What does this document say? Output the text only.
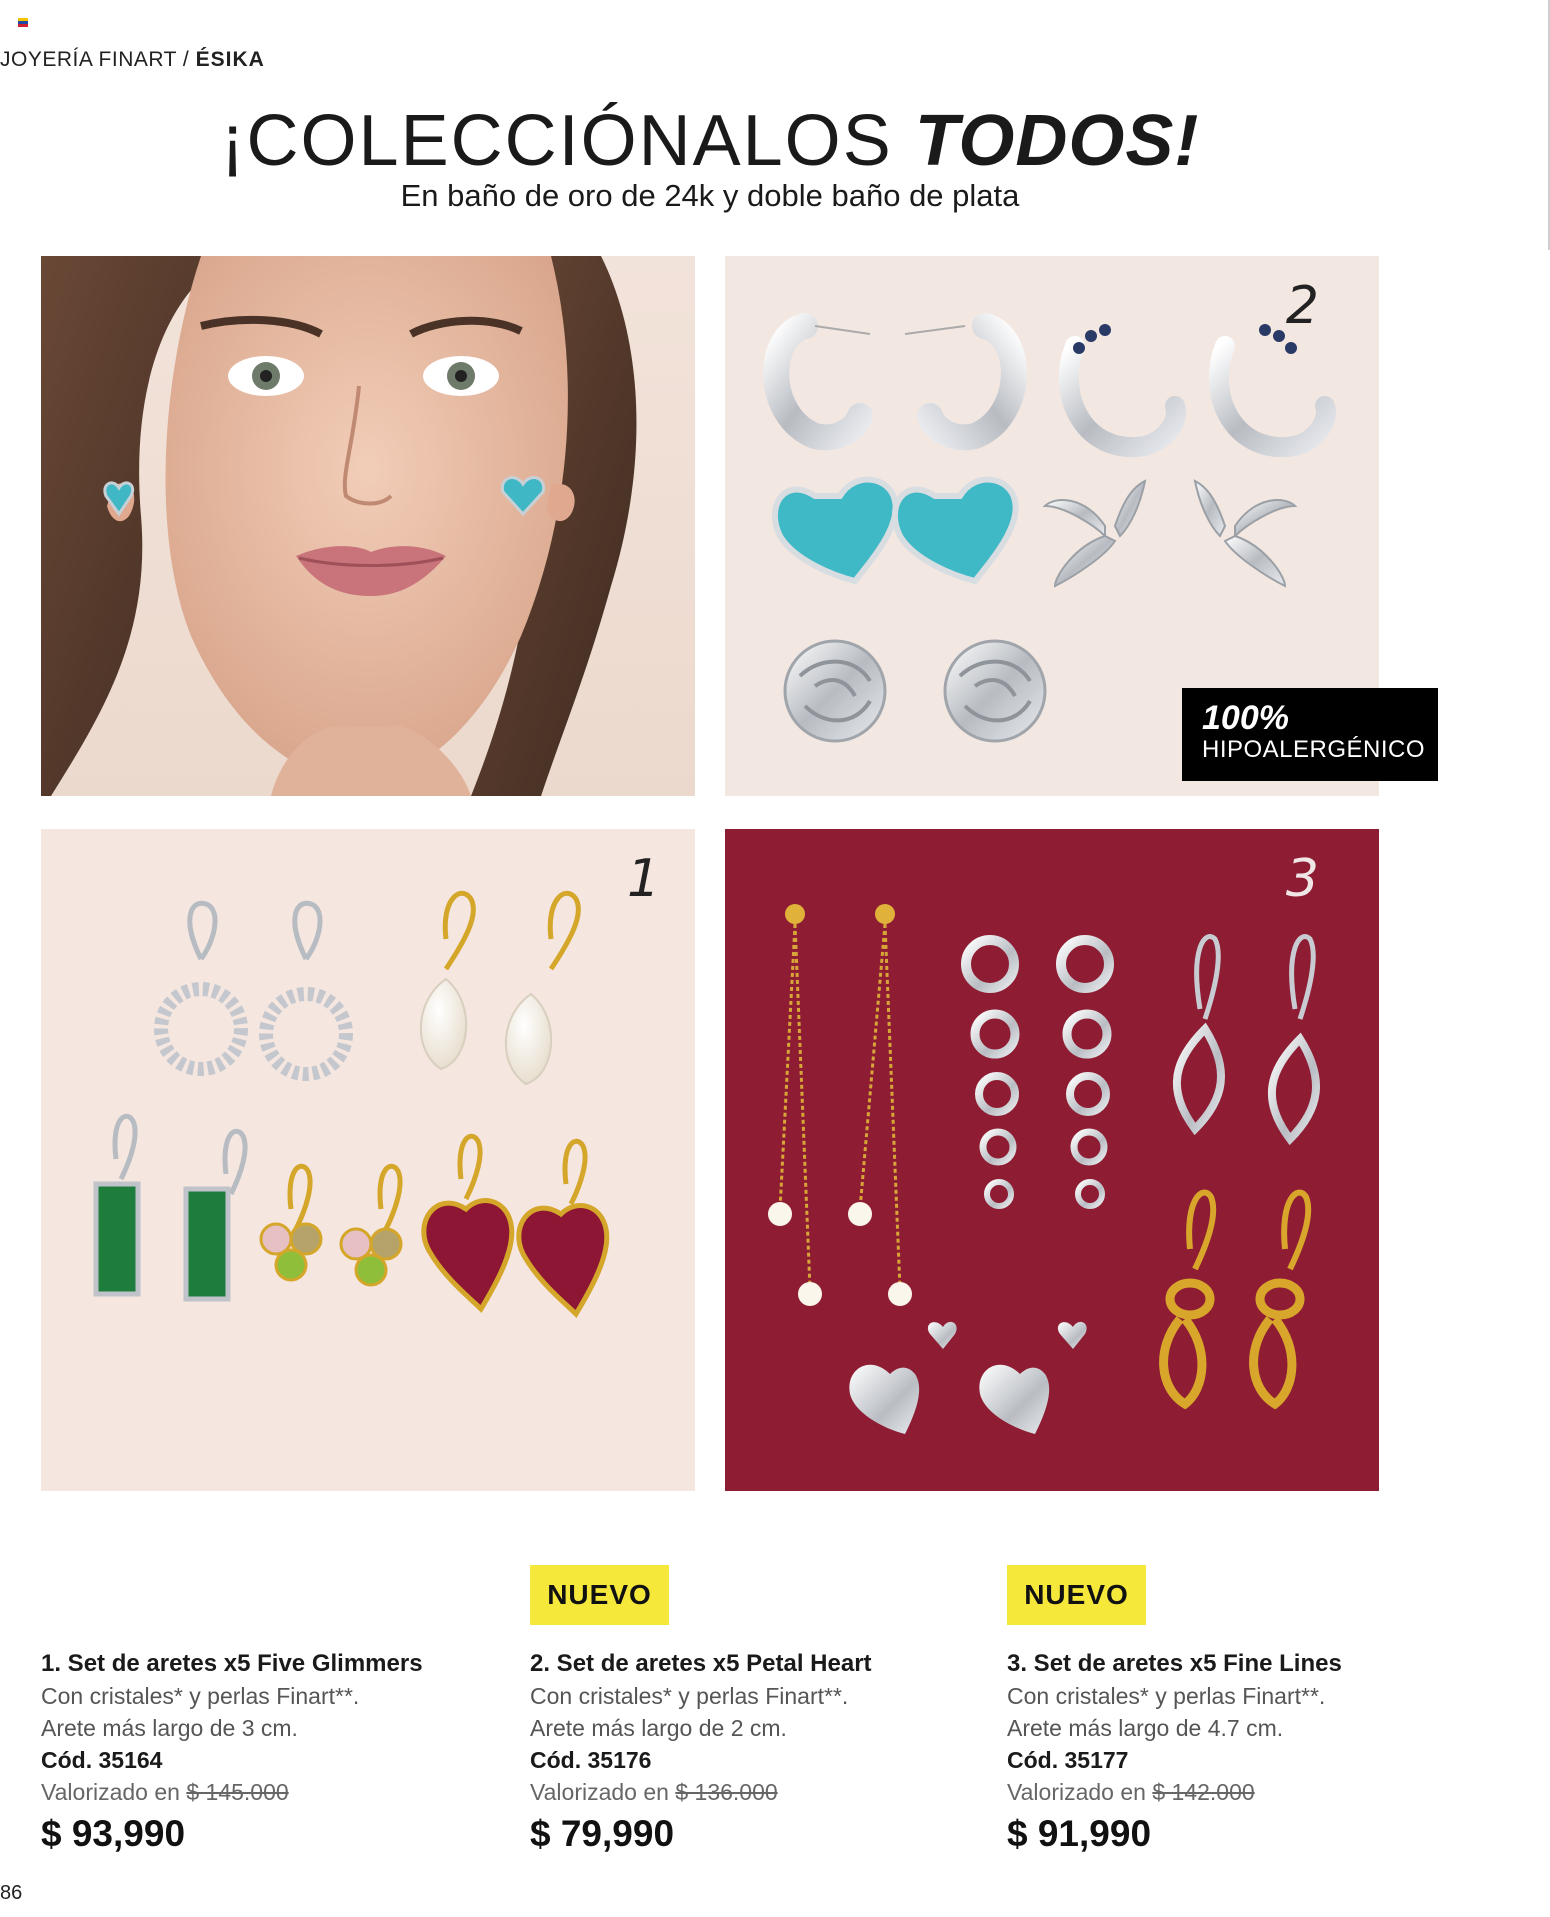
JOYERÍA FINART / ÉSIKA
¡COLECCIÓNALOS TODOS!
En baño de oro de 24k y doble baño de plata
2
100%
HIPOALERGÉNICO
1	3
NUEVO	NUEVO
1. Set de aretes x5 Five Glimmers
Con cristales* y perlas Finart**.
Arete más largo de 3 cm.
Cód. 35164
Valorizado en $ 145.000
$ 93,990
2. Set de aretes x5 Petal Heart
Con cristales* y perlas Finart**.
Arete más largo de 2 cm.
Cód. 35176
Valorizado en $ 136.000
$ 79,990
3. Set de aretes x5 Fine Lines
Con cristales* y perlas Finart**.
Arete más largo de 4.7 cm.
Cód. 35177
Valorizado en $ 142.000
$ 91,990
86
